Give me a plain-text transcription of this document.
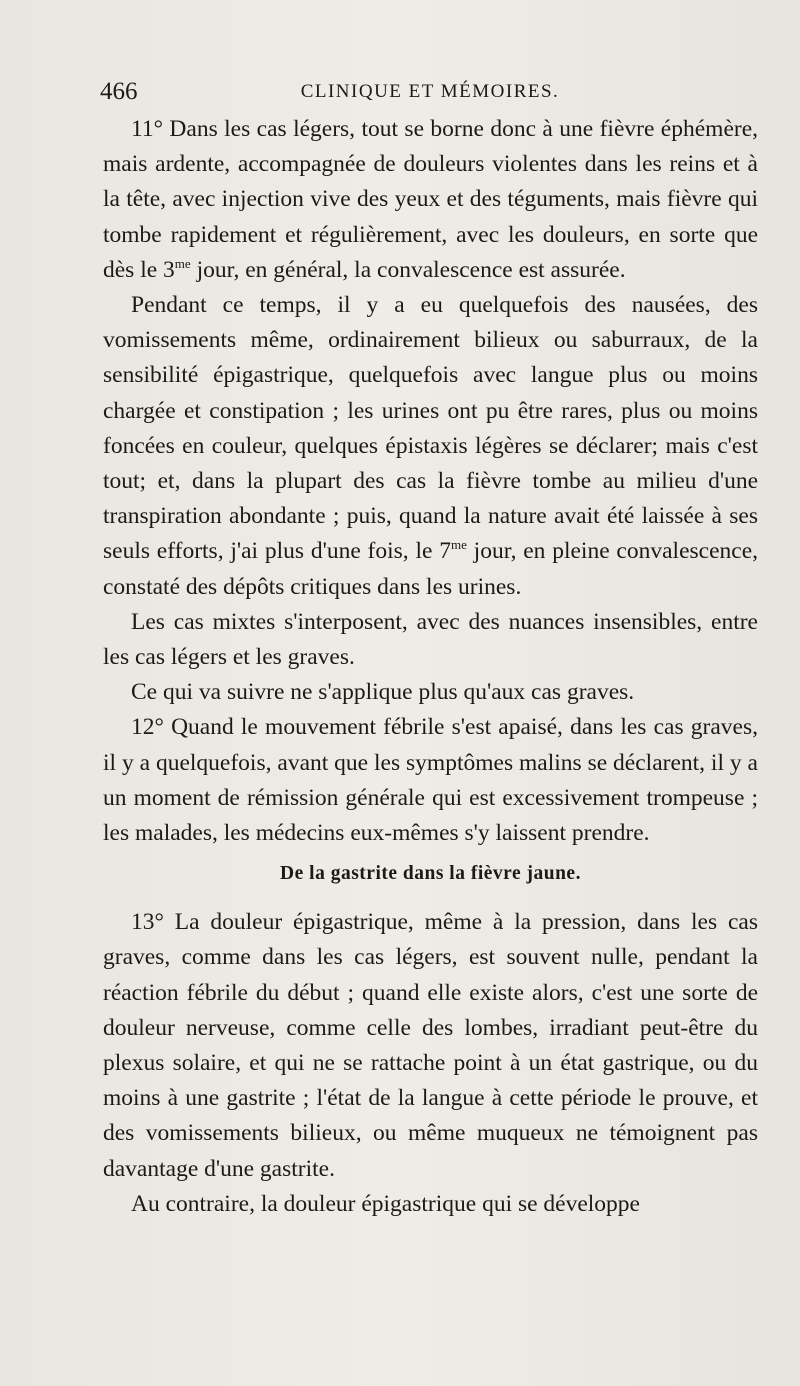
CLINIQUE ET MÉMOIRES.
466

11° Dans les cas légers, tout se borne donc à une fièvre éphémère, mais ardente, accompagnée de douleurs violentes dans les reins et à la tête, avec injection vive des yeux et des téguments, mais fièvre qui tombe rapidement et régulièrement, avec les douleurs, en sorte que dès le $3^{me}$ jour, en général, la convalescence est assurée.

Pendant ce temps, il y a eu quelquefois des nausées, des vomissements même, ordinairement bilieux ou saburraux, de la sensibilité épigastrique, quelquefois avec langue plus ou moins chargée et constipation ; les urines ont pu être rares, plus ou moins foncées en couleur, quelques épistaxis légères se déclarer; mais c'est tout; et, dans la plupart des cas la fièvre tombe au milieu d'une transpiration abondante ; puis, quand la nature avait été laissée à ses seuls efforts, j'ai plus d'une fois, le $7^{me}$ jour, en pleine convalescence, constaté des dépôts critiques dans les urines.

Les cas mixtes s'interposent, avec des nuances insensibles, entre les cas légers et les graves.

Ce qui va suivre ne s'applique plus qu'aux cas graves.

12° Quand le mouvement fébrile s'est apaisé, dans les cas graves, il y a quelquefois, avant que les symptômes malins se déclarent, il y a un moment de rémission générale qui est excessivement trompeuse ; les malades, les médecins eux-mêmes s'y laissent prendre.

De la gastrite dans la fièvre jaune.

13° La douleur épigastrique, même à la pression, dans les cas graves, comme dans les cas légers, est souvent nulle, pendant la réaction fébrile du début ; quand elle existe alors, c'est une sorte de douleur nerveuse, comme celle des lombes, irradiant peut-être du plexus solaire, et qui ne se rattache point à un état gastrique, ou du moins à une gastrite ; l'état de la langue à cette période le prouve, et des vomissements bilieux, ou même muqueux ne témoignent pas davantage d'une gastrite.

Au contraire, la douleur épigastrique qui se développe
